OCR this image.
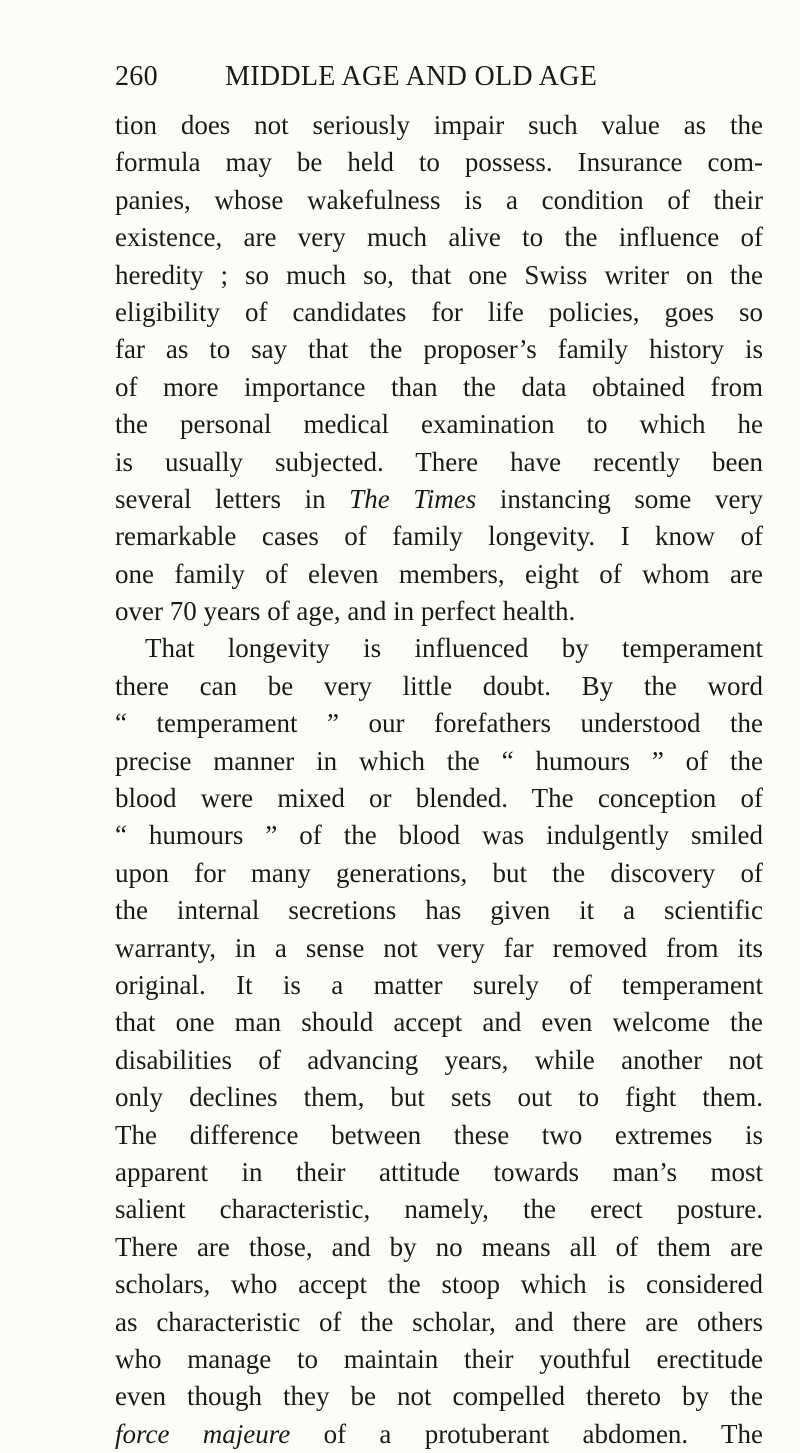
260 MIDDLE AGE AND OLD AGE
tion does not seriously impair such value as the
formula may be held to possess. Insurance com-
panies, whose wakefulness is a condition of their
existence, are very much alive to the influence of
heredity ; so much so, that one Swiss writer on the
eligibility of candidates for life policies, goes so
far as to say that the proposer’s family history is
of more importance than the data obtained from
the personal medical examination to which he
is usually subjected. There have recently been
several letters in The Times instancing some very
remarkable cases of family longevity. I know of
one family of eleven members, eight of whom are
over 70 years of age, and in perfect health.
That longevity is influenced by temperament
there can be very little doubt. By the word
“ temperament ” our forefathers understood the
precise manner in which the “ humours ” of the
blood were mixed or blended. The conception of
“ humours ” of the blood was indulgently smiled
upon for many generations, but the discovery of
the internal secretions has given it a scientific
warranty, in a sense not very far removed from its
original. It is a matter surely of temperament
that one man should accept and even welcome the
disabilities of advancing years, while another not
only declines them, but sets out to fight them.
The difference between these two extremes is
apparent in their attitude towards man’s most
salient characteristic, namely, the erect posture.
There are those, and by no means all of them are
scholars, who accept the stoop which is considered
as characteristic of the scholar, and there are others
who manage to maintain their youthful erectitude
even though they be not compelled thereto by the
force majeure of a protuberant abdomen. The
